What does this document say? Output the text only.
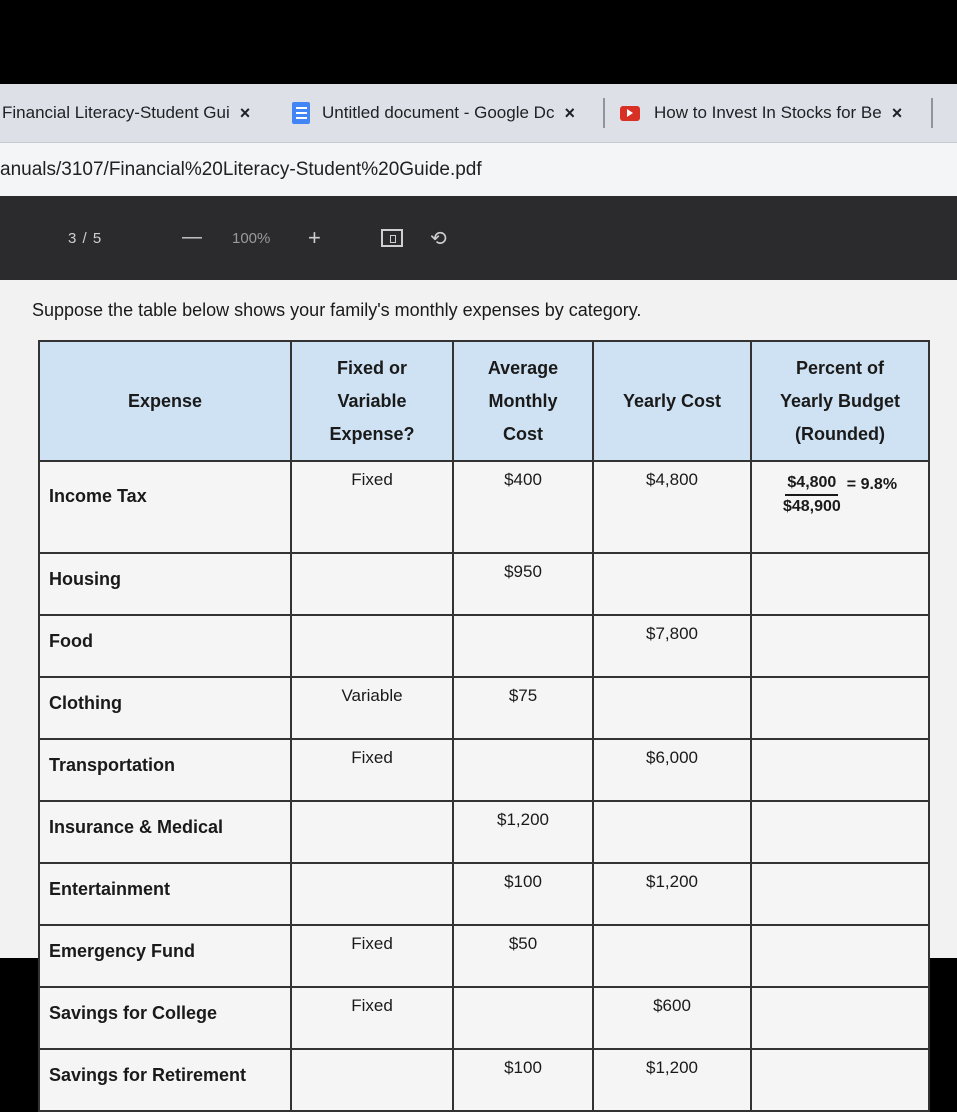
Financial Literacy-Student Gui ×	Untitled document - Google Dc ×	How to Invest In Stocks for Be ×
anuals/3107/Financial%20Literacy-Student%20Guide.pdf
3 / 5	— 100% +	⟲
Suppose the table below shows your family's monthly expenses by category.
Expense	Fixed or
Variable
Expense?	Average
Monthly
Cost	Yearly Cost	Percent of
Yearly Budget
(Rounded)
Income Tax	Fixed	$400	$4,800	$\frac{\$4,800}{\$48,900} = 9.8\%$

Housing		$950		
Food			$7,800	
Clothing	Variable	$75		
Transportation	Fixed		$6,000	
Insurance & Medical		$1,200		
Entertainment		$100	$1,200	
Emergency Fund	Fixed	$50		
Savings for College	Fixed		$600	
Savings for Retirement		$100	$1,200	
